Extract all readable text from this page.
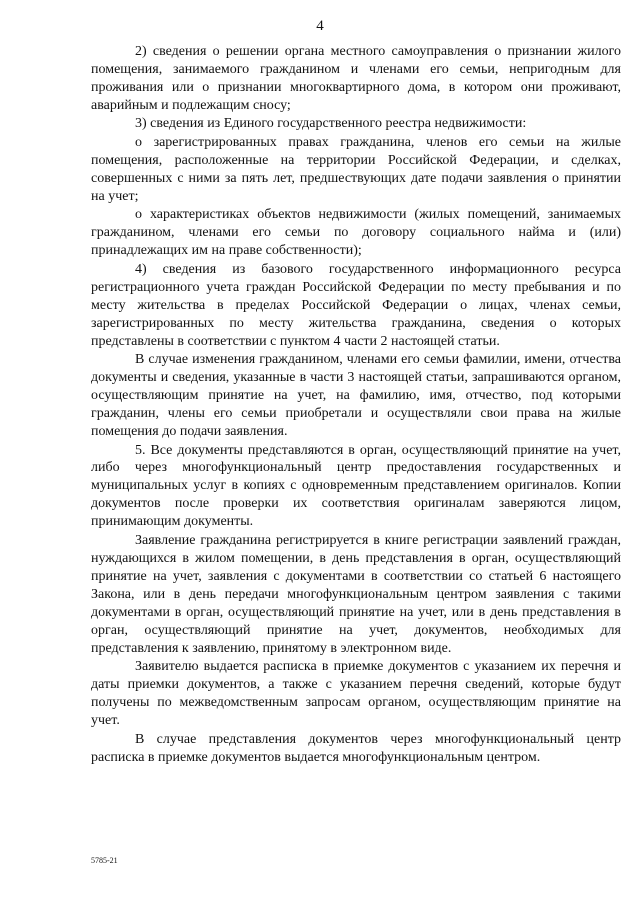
4

2) сведения о решении органа местного самоуправления о признании жилого помещения, занимаемого гражданином и членами его семьи, непригодным для проживания или о признании многоквартирного дома, в котором они проживают, аварийным и подлежащим сносу;

3) сведения из Единого государственного реестра недвижимости:

о зарегистрированных правах гражданина, членов его семьи на жилые помещения, расположенные на территории Российской Федерации, и сделках, совершенных с ними за пять лет, предшествующих дате подачи заявления о принятии на учет;

о характеристиках объектов недвижимости (жилых помещений, занимаемых гражданином, членами его семьи по договору социального найма и (или) принадлежащих им на праве собственности);

4) сведения из базового государственного информационного ресурса регистрационного учета граждан Российской Федерации по месту пребывания и по месту жительства в пределах Российской Федерации о лицах, членах семьи, зарегистрированных по месту жительства гражданина, сведения о которых представлены в соответствии с пунктом 4 части 2 настоящей статьи.

В случае изменения гражданином, членами его семьи фамилии, имени, отчества документы и сведения, указанные в части 3 настоящей статьи, запрашиваются органом, осуществляющим принятие на учет, на фамилию, имя, отчество, под которыми гражданин, члены его семьи приобретали и осуществляли свои права на жилые помещения до подачи заявления.

5. Все документы представляются в орган, осуществляющий принятие на учет, либо через многофункциональный центр предоставления государственных и муниципальных услуг в копиях с одновременным представлением оригиналов. Копии документов после проверки их соответствия оригиналам заверяются лицом, принимающим документы.

Заявление гражданина регистрируется в книге регистрации заявлений граждан, нуждающихся в жилом помещении, в день представления в орган, осуществляющий принятие на учет, заявления с документами в соответствии со статьей 6 настоящего Закона, или в день передачи многофункциональным центром заявления с такими документами в орган, осуществляющий принятие на учет, или в день представления в орган, осуществляющий принятие на учет, документов, необходимых для представления к заявлению, принятому в электронном виде.

Заявителю выдается расписка в приемке документов с указанием их перечня и даты приемки документов, а также с указанием перечня сведений, которые будут получены по межведомственным запросам органом, осуществляющим принятие на учет.

В случае представления документов через многофункциональный центр расписка в приемке документов выдается многофункциональным центром.

5785-21
